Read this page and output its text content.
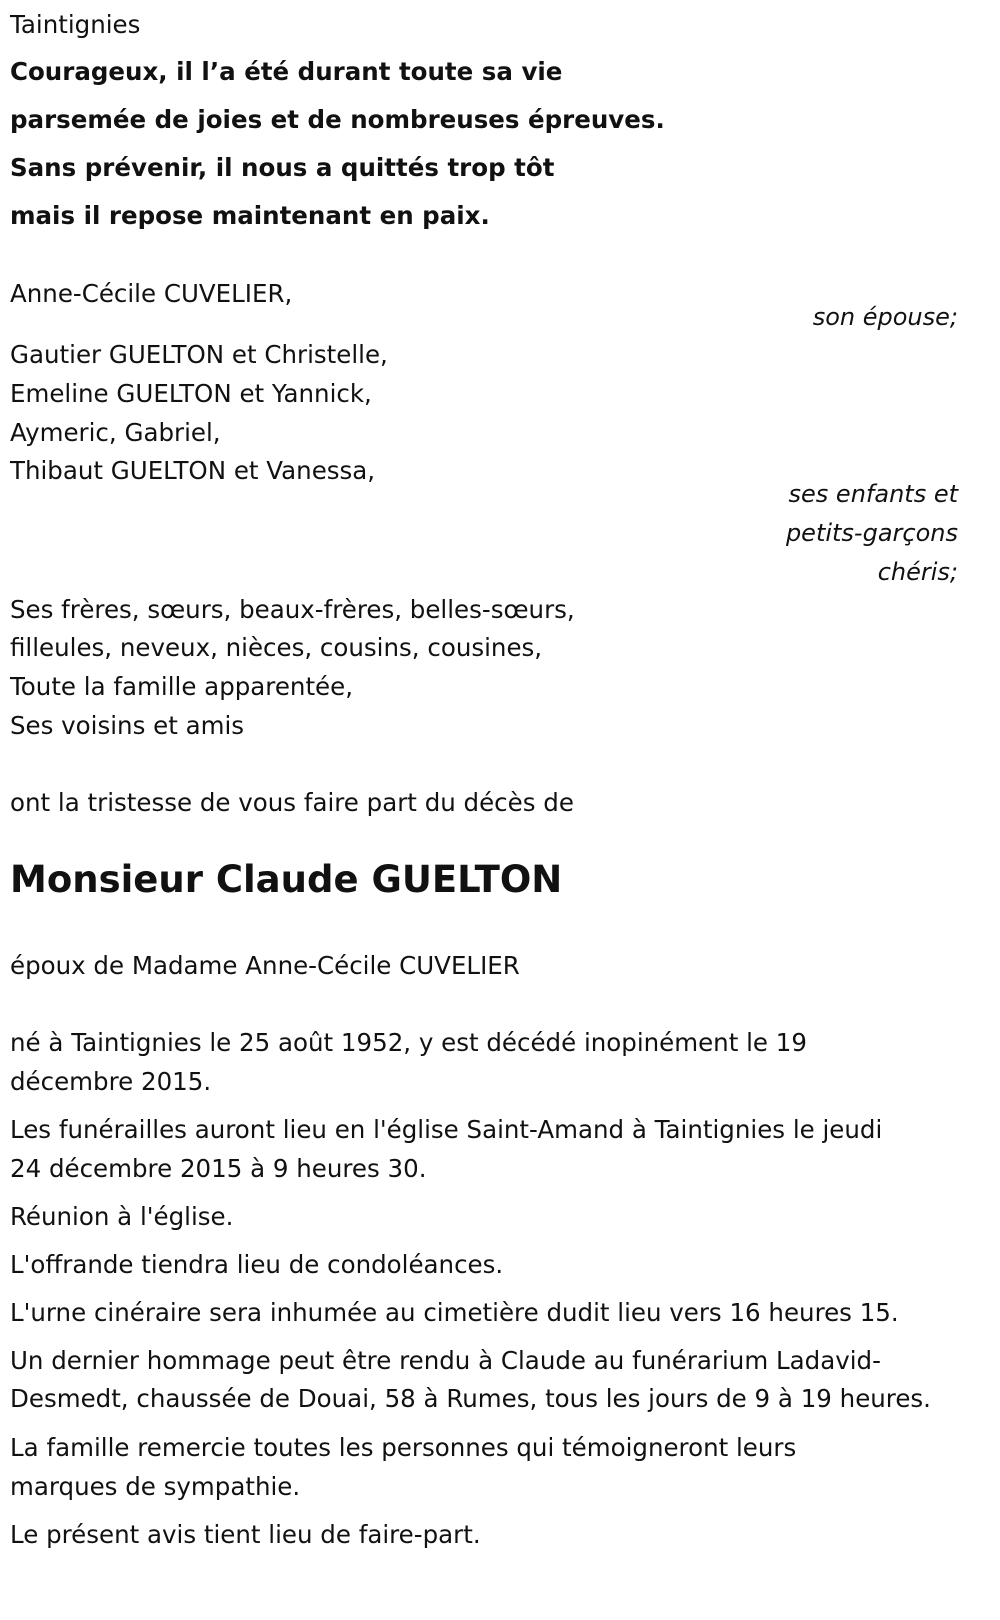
Taintignies
Courageux, il l’a été durant toute sa vie
parsemée de joies et de nombreuses épreuves.
Sans prévenir, il nous a quittés trop tôt
mais il repose maintenant en paix.
Anne-Cécile CUVELIER,
son épouse;
Gautier GUELTON et Christelle,
Emeline GUELTON et Yannick,
Aymeric, Gabriel,
Thibaut GUELTON et Vanessa,
ses enfants et
petits-garçons
chéris;
Ses frères, sœurs, beaux-frères, belles-sœurs,
filleules, neveux, nièces, cousins, cousines,
Toute la famille apparentée,
Ses voisins et amis
ont la tristesse de vous faire part du décès de
Monsieur Claude GUELTON
époux de Madame Anne-Cécile CUVELIER
né à Taintignies le 25 août 1952, y est décédé inopinément le 19
décembre 2015.
Les funérailles auront lieu en l'église Saint-Amand à Taintignies le jeudi
24 décembre 2015 à 9 heures 30.
Réunion à l'église.
L'offrande tiendra lieu de condoléances.
L'urne cinéraire sera inhumée au cimetière dudit lieu vers 16 heures 15.
Un dernier hommage peut être rendu à Claude au funérarium Ladavid-
Desmedt, chaussée de Douai, 58 à Rumes, tous les jours de 9 à 19 heures.
La famille remercie toutes les personnes qui témoigneront leurs
marques de sympathie.
Le présent avis tient lieu de faire-part.
